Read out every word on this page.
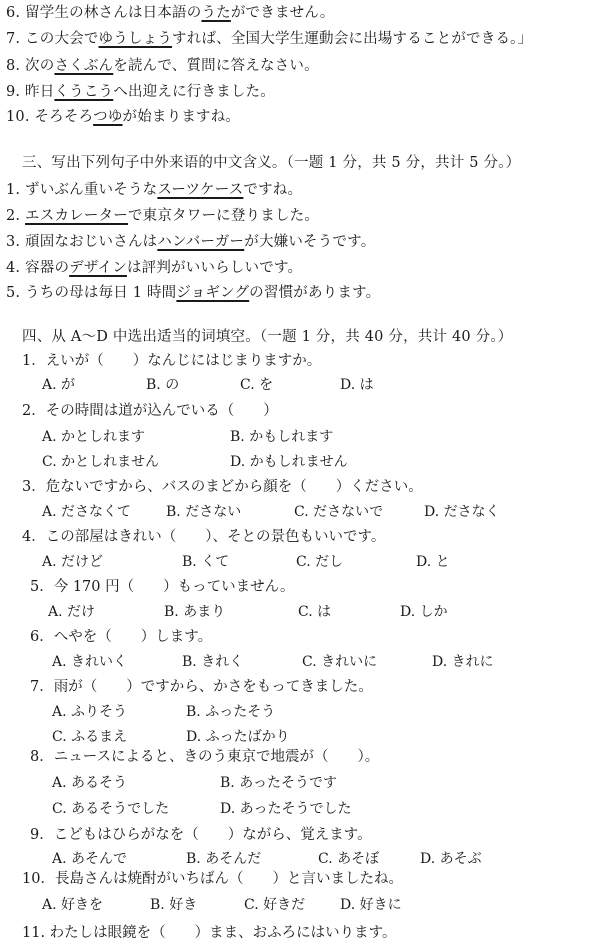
6. 留学生の林さんは日本語のうたができません。
7. この大会でゆうしょうすれば、全国大学生運動会に出場することができる。」
8. 次のさくぶんを読んで、質問に答えなさい。
9. 昨日くうこうへ出迎えに行きました。
10. そろそろつゆが始まりますね。
三、写出下列句子中外来语的中文含义。（一题 1 分，共 5 分，共计 5 分。）
1. ずいぶん重いそうなスーツケースですね。
2. エスカレーターで東京タワーに登りました。
3. 頑固なおじいさんはハンバーガーが大嫌いそうです。
4. 容器のデザインは評判がいいらしいです。
5. うちの母は毎日 1 時間ジョギングの習慣があります。
四、从 A～D 中选出适当的词填空。（一题 1 分，共 40 分，共计 40 分。）
1．えいが（　　）なんじにはじまりますか。
A. が	B. の	C. を	D. は
2．その時間は道が込んでいる（　　）
A. かとしれます	B. かもしれます
C. かとしれません	D. かもしれません
3．危ないですから、バスのまどから顔を（　　）ください。
A. ださなくて B. ださない	C. ださないで	D. ださなく
4．この部屋はきれい（　　）、そとの景色もいいです。
A. だけど	B. くて	C. だし	D. と
5．今 170 円（　　）もっていません。
A. だけ	B. あまり	C. は	D. しか
6．へやを（　　）します。
A. きれいく	B. きれく	C. きれいに	D. きれに
7．雨が（　　）ですから、かさをもってきました。
A. ふりそう	B. ふったそう
C. ふるまえ	D. ふったばかり
8．ニュースによると、きのう東京で地震が（　　）。
A. あるそう	B. あったそうです
C. あるそうでした	D. あったそうでした
9．こどもはひらがなを（　　）ながら、覚えます。
A. あそんで	B. あそんだ	C. あそぼ	D. あそぶ
10．長島さんは焼酎がいちばん（　　）と言いましたね。
A. 好きを	B. 好き	C. 好きだ D. 好きに
11. わたしは眼鏡を（　　）まま、おふろにはいります。
